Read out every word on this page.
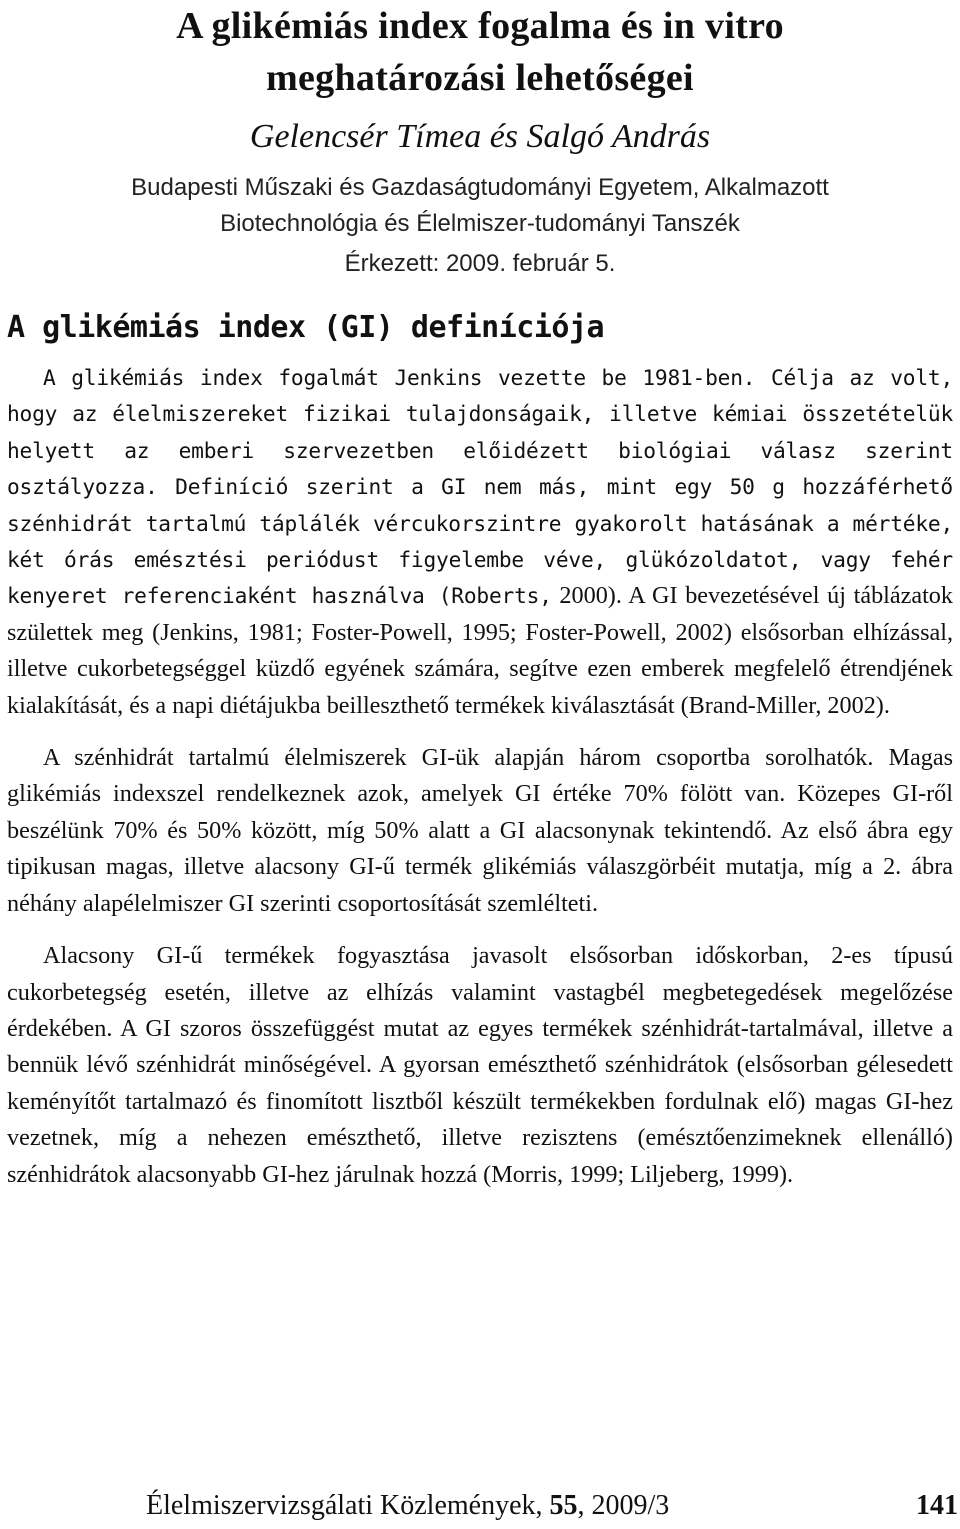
A glikémiás index fogalma és in vitro
meghatározási lehetőségei
Gelencsér Tímea és Salgó András
Budapesti Műszaki és Gazdaságtudományi Egyetem, Alkalmazott
Biotechnológia és Élelmiszer-tudományi Tanszék
Érkezett: 2009. február 5.
A glikémiás index (GI) definíciója

A glikémiás index fogalmát Jenkins vezette be 1981-ben. Célja az volt, hogy az élelmiszereket fizikai tulajdonságaik, illetve kémiai összetételük helyett az emberi szervezetben előidézett biológiai válasz szerint osztályozza. Definíció szerint a GI nem más, mint egy 50 g hozzáférhető szénhidrát tartalmú táplálék vércukorszintre gyakorolt hatásának a mértéke, két órás emésztési periódust figyelembe véve, glükózoldatot, vagy fehér kenyeret referenciaként használva (Roberts, 2000). A GI bevezetésével új táblázatok születtek meg (Jenkins, 1981; Foster-Powell, 1995; Foster-Powell, 2002) elsősorban elhízással, illetve cukorbetegséggel küzdő egyének számára, segítve ezen emberek megfelelő étrendjének kialakítását, és a napi diétájukba beilleszthető termékek kiválasztását (Brand-Miller, 2002).

A szénhidrát tartalmú élelmiszerek GI-ük alapján három csoportba sorolhatók. Magas glikémiás indexszel rendelkeznek azok, amelyek GI értéke 70% fölött van. Közepes GI-ről beszélünk 70% és 50% között, míg 50% alatt a GI alacsonynak tekintendő. Az első ábra egy tipikusan magas, illetve alacsony GI-ű termék glikémiás válaszgörbéit mutatja, míg a 2. ábra néhány alapélelmiszer GI szerinti csoportosítását szemlélteti.

Alacsony GI-ű termékek fogyasztása javasolt elsősorban időskorban, 2-es típusú cukorbetegség esetén, illetve az elhízás valamint vastagbél megbetegedések megelőzése érdekében. A GI szoros összefüggést mutat az egyes termékek szénhidrát-tartalmával, illetve a bennük lévő szénhidrát minőségével. A gyorsan emészthető szénhidrátok (elsősorban gélesedett keményítőt tartalmazó és finomított lisztből készült termékekben fordulnak elő) magas GI-hez vezetnek, míg a nehezen emészthető, illetve rezisztens (emésztőenzimeknek ellenálló) szénhidrátok alacsonyabb GI-hez járulnak hozzá (Morris, 1999; Liljeberg, 1999).

Élelmiszervizsgálati Közlemények, 55, 2009/3	141
